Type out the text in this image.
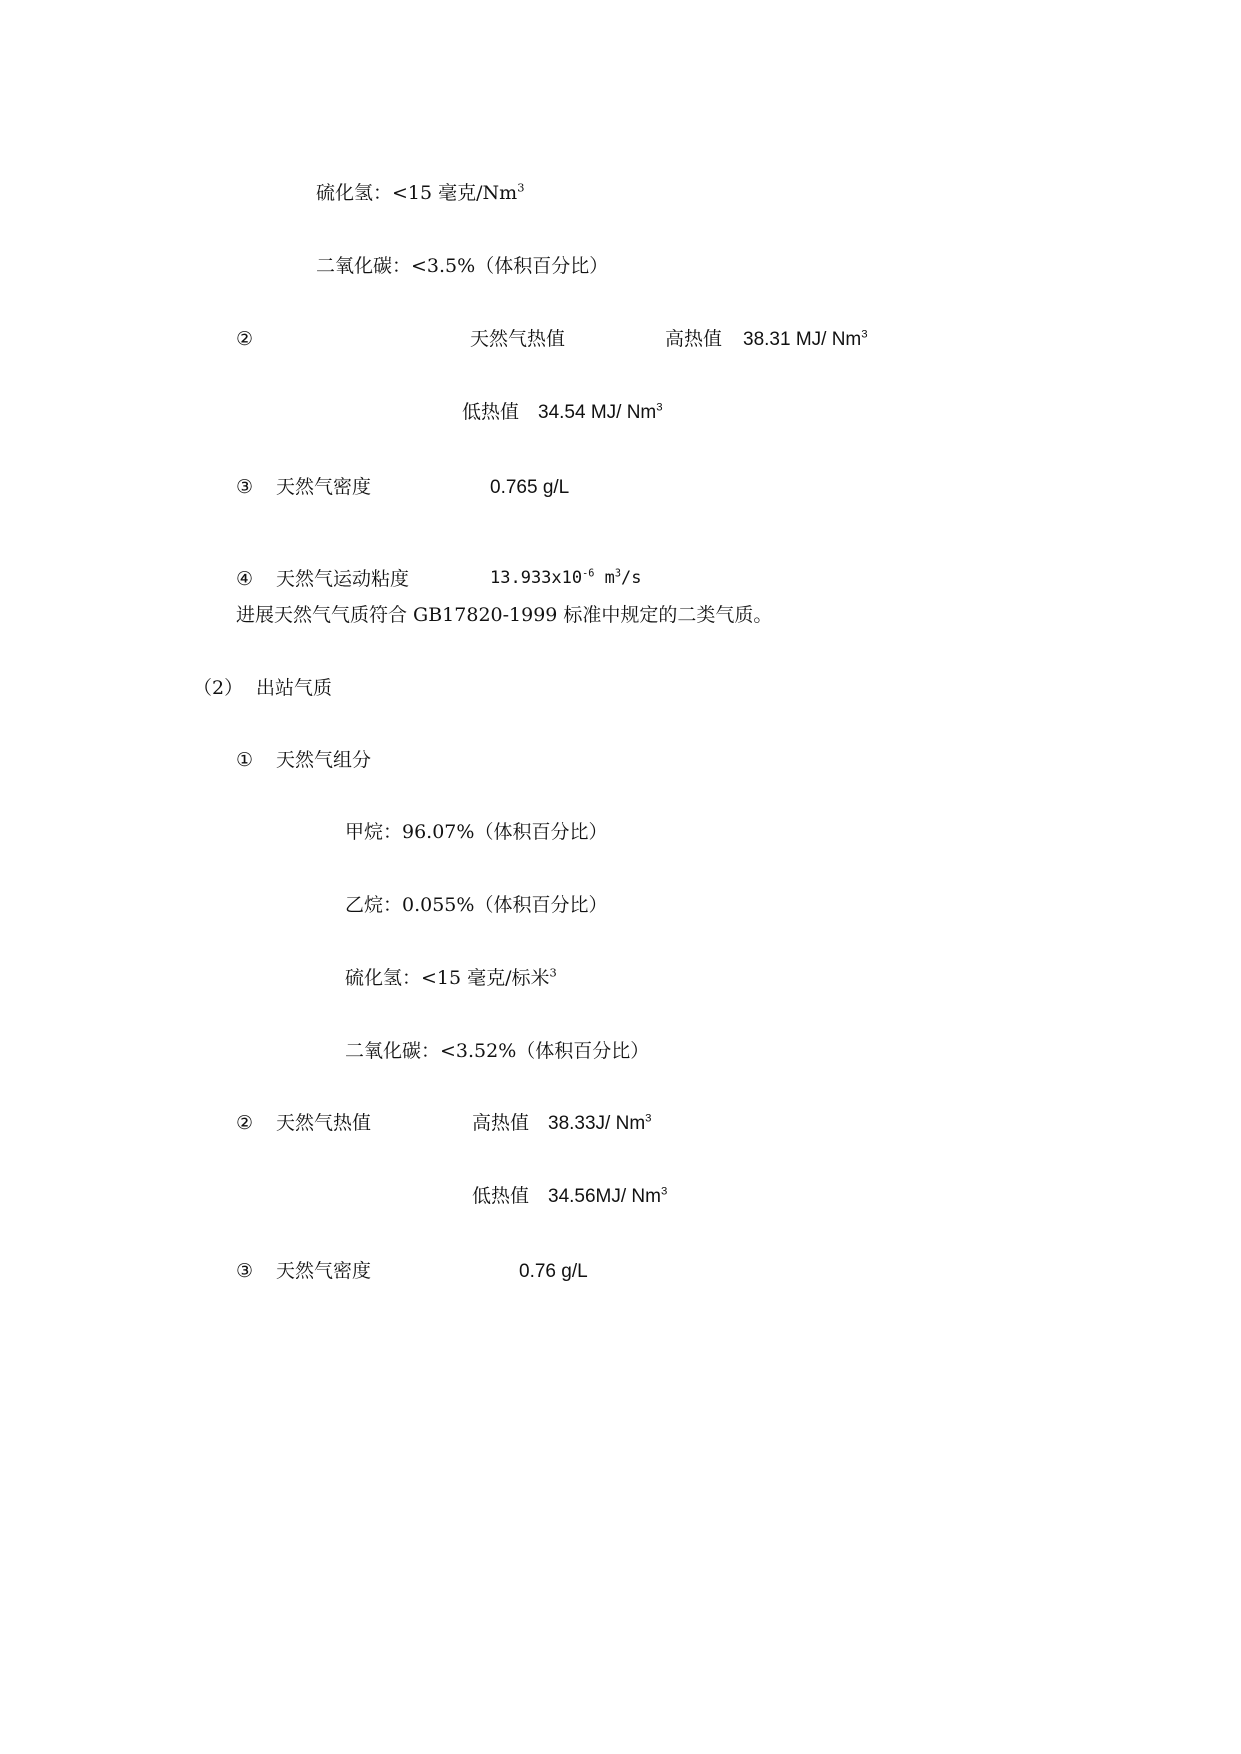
硫化氢：<15 毫克/Nm$^3$
二氧化碳：<3.5%（体积百分比）
②	天然气热值	高热值 38.31 MJ/ Nm$^3$
低热值 34.54 MJ/ Nm$^3$
③ 天然气密度	0.765 g/L
④ 天然气运动粘度	$13.933x10^{-6}$ $m^3/s$
进展天然气气质符合 GB17820-1999 标准中规定的二类气质。
（2） 出站气质
① 天然气组分
甲烷：96.07%（体积百分比）
乙烷：0.055%（体积百分比）
硫化氢：<15 毫克/标米$^3$
二氧化碳：<3.52%（体积百分比）
② 天然气热值	高热值 38.33J/ Nm$^3$
低热值 34.56MJ/ Nm$^3$
③ 天然气密度	0.76 g/L
